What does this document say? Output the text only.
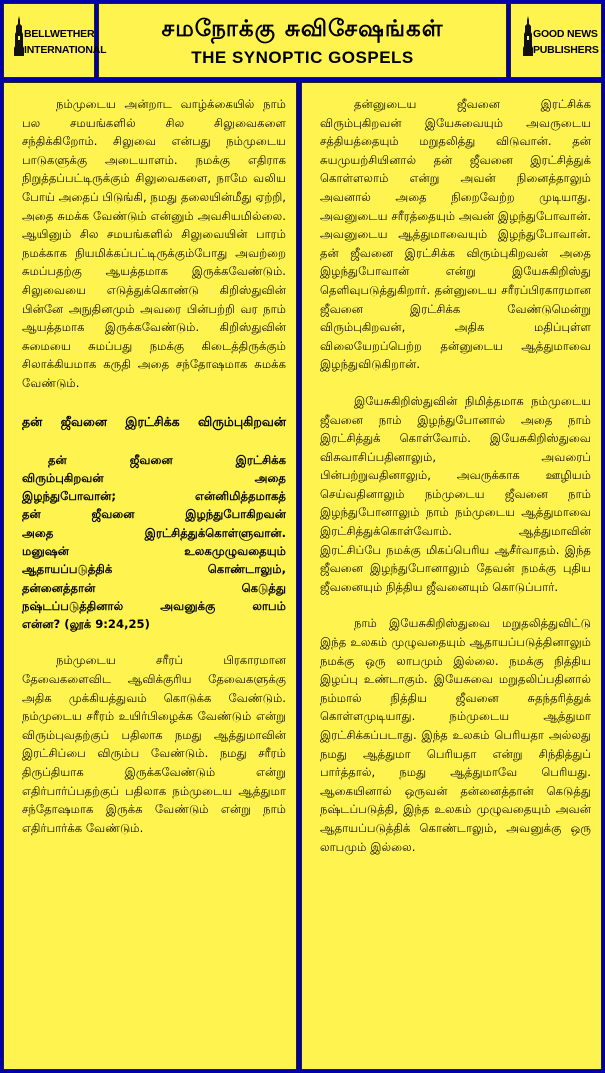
BELLWETHER
INTERNATIONAL
சமநோக்கு சுவிசேஷங்கள்
THE SYNOPTIC GOSPELS
GOOD NEWS
PUBLISHERS

நம்முடைய அன்றாட வாழ்க்கையில் நாம் பல சமயங்களில் சில சிலுவைகளை சந்திக்கிறோம். சிலுவை என்பது நம்முடைய பாடுகளுக்கு அடையாளம். நமக்கு எதிராக நிறுத்தப்பட்டிருக்கும் சிலுவைகளை, நாமே வலிய போய் அதைப் பிடுங்கி, நமது தலையின்மீது ஏற்றி, அதை சுமக்க வேண்டும் என்னும் அவசியமில்லை. ஆயினும் சில சமயங்களில் சிலுவையின் பாரம் நமக்காக நியமிக்கப்பட்டிருக்கும்போது அவற்றை சுமப்பதற்கு ஆயத்தமாக இருக்கவேண்டும். சிலுவையை எடுத்துக்கொண்டு கிறிஸ்துவின் பின்னே அநுதினமும் அவரை பின்பற்றி வர நாம் ஆயத்தமாக இருக்கவேண்டும். கிறிஸ்துவின் சுமையை சுமப்பது நமக்கு கிடைத்திருக்கும் சிலாக்கியமாக கருதி அதை சந்தோஷமாக சுமக்க வேண்டும்.

தன் ஜீவனை இரட்சிக்க விரும்புகிறவன்
தன் ஜீவனை இரட்சிக்க
விரும்புகிறவன் அதை
இழந்துபோவான்; என்னிமித்தமாகத்
தன் ஜீவனை இழந்துபோகிறவன்
அதை இரட்சித்துக்கொள்ளுவான்.
மனுஷன் உலகமுழுவதையும்
ஆதாயப்படுத்திக் கொண்டாலும்,
தன்னைத்தான் கெடுத்து
நஷ்டப்படுத்தினால் அவனுக்கு லாபம்
என்ன? (லூக் 9:24,25)

நம்முடைய சரீரப் பிரகாரமான தேவைகளைவிட ஆவிக்குரிய தேவைகளுக்கு அதிக முக்கியத்துவம் கொடுக்க வேண்டும். நம்முடைய சரீரம் உயிர்பிழைக்க வேண்டும் என்று விரும்புவதற்குப் பதிலாக நமது ஆத்துமாவின் இரட்சிப்பை விரும்ப வேண்டும். நமது சரீரம் திருப்தியாக இருக்கவேண்டும் என்று எதிர்பார்ப்பதற்குப் பதிலாக நம்முடைய ஆத்துமா சந்தோஷமாக இருக்க வேண்டும் என்று நாம் எதிர்பார்க்க வேண்டும்.

தன்னுடைய ஜீவனை இரட்சிக்க விரும்புகிறவன் இயேசுவையும் அவருடைய சத்தியத்தையும் மறுதலித்து விடுவான். தன் சுயமுயற்சியினால் தன் ஜீவனை இரட்சித்துக் கொள்ளலாம் என்று அவன் நினைத்தாலும் அவனால் அதை நிறைவேற்ற முடியாது. அவனுடைய சரீரத்தையும் அவன் இழந்துபோவான். அவனுடைய ஆத்துமாவையும் இழந்துபோவான். தன் ஜீவனை இரட்சிக்க விரும்புகிறவன் அதை இழந்துபோவான் என்று இயேசுகிறிஸ்து தெளிவுபடுத்துகிறார். தன்னுடைய சரீரப்பிரகாரமான ஜீவனை இரட்சிக்க வேண்டுமென்று விரும்புகிறவன், அதிக மதிப்புள்ள விலையேறப்பெற்ற தன்னுடைய ஆத்துமாவை இழந்துவிடுகிறான்.

இயேசுகிறிஸ்துவின் நிமித்தமாக நம்முடைய ஜீவனை நாம் இழந்துபோனால் அதை நாம் இரட்சித்துக் கொள்வோம். இயேசுகிறிஸ்துவை விசுவாசிப்பதினாலும், அவரைப் பின்பற்றுவதினாலும், அவருக்காக ஊழியம் செய்வதினாலும் நம்முடைய ஜீவனை நாம் இழந்துபோனாலும் நாம் நம்முடைய ஆத்துமாவை இரட்சித்துக்கொள்வோம். ஆத்துமாவின் இரட்சிப்பே நமக்கு மிகப்பெரிய ஆசீர்வாதம். இந்த ஜீவனை இழந்துபோனாலும் தேவன் நமக்கு புதிய ஜீவனையும் நித்திய ஜீவனையும் கொடுப்பார்.

நாம் இயேசுகிறிஸ்துவை மறுதலித்துவிட்டு இந்த உலகம் முழுவதையும் ஆதாயப்படுத்தினாலும் நமக்கு ஒரு லாபமும் இல்லை. நமக்கு நித்திய இழப்பு உண்டாகும். இயேசுவை மறுதலிப்பதினால் நம்மால் நித்திய ஜீவனை சுதந்தரித்துக் கொள்ளமுடியாது. நம்முடைய ஆத்துமா இரட்சிக்கப்படாது. இந்த உலகம் பெரியதா அல்லது நமது ஆத்துமா பெரியதா என்று சிந்தித்துப் பார்த்தால், நமது ஆத்துமாவே பெரியது. ஆகையினால் ஒருவன் தன்னைத்தான் கெடுத்து நஷ்டப்படுத்தி, இந்த உலகம் முழுவதையும் அவன் ஆதாயப்படுத்திக் கொண்டாலும், அவனுக்கு ஒரு லாபமும் இல்லை.
